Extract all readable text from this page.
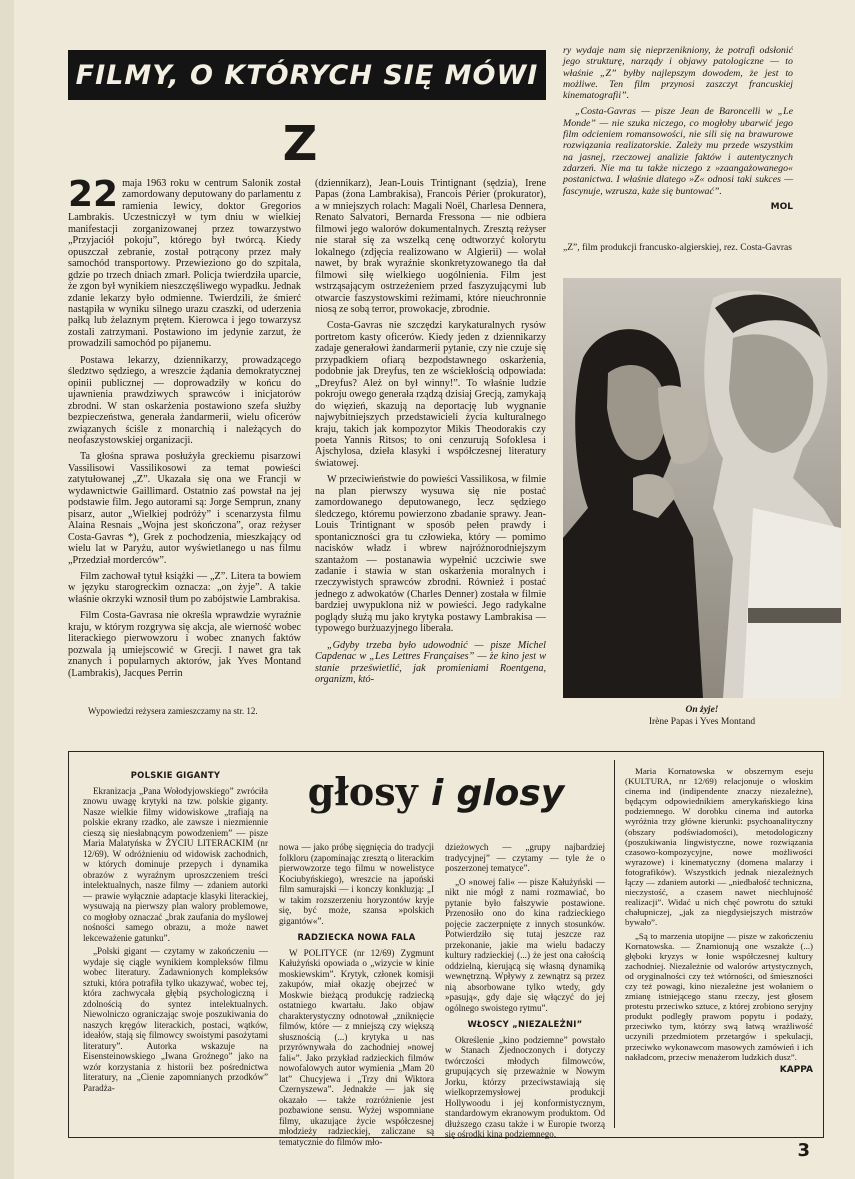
FILMY, O KTÓRYCH SIĘ MÓWI
Z

22 maja 1963 roku w centrum Salonik został zamordowany deputowany do parlamentu z ramienia lewicy, doktor Gregorios Lambrakis. Uczestniczył w tym dniu w wielkiej manifestacji zorganizowanej przez towarzystwo „Przyjaciół pokoju”, którego był twórcą. Kiedy opuszczał zebranie, został potrącony przez mały samochód transportowy. Przewieziono go do szpitala, gdzie po trzech dniach zmarł. Policja twierdziła uparcie, że zgon był wynikiem nieszczęśliwego wypadku. Jednak zdanie lekarzy było odmienne. Twierdzili, że śmierć nastąpiła w wyniku silnego urazu czaszki, od uderzenia pałką lub żelaznym prętem. Kierowca i jego towarzysz zostali zatrzymani. Postawiono im jedynie zarzut, że prowadzili samochód po pijanemu.

Postawa lekarzy, dziennikarzy, prowadzącego śledztwo sędziego, a wreszcie żądania demokratycznej opinii publicznej — doprowadziły w końcu do ujawnienia prawdziwych sprawców i inicjatorów zbrodni. W stan oskarżenia postawiono szefa służby bezpieczeństwa, generała żandarmerii, wielu oficerów związanych ściśle z monarchią i należących do neofaszystowskiej organizacji.

Ta głośna sprawa posłużyła greckiemu pisarzowi Vassilisowi Vassilikosowi za temat powieści zatytułowanej „Z”. Ukazała się ona we Francji w wydawnictwie Gaillimard. Ostatnio zaś powstał na jej podstawie film. Jego autorami są: Jorge Semprun, znany pisarz, autor „Wielkiej podróży” i scenarzysta filmu Alaina Resnais „Wojna jest skończona”, oraz reżyser Costa-Gavras *), Grek z pochodzenia, mieszkający od wielu lat w Paryżu, autor wyświetlanego u nas filmu „Przedział morderców”.

Film zachował tytuł książki — „Z”. Litera ta bowiem w języku starogreckim oznacza: „on żyje”. A takie właśnie okrzyki wznosił tłum po zabójstwie Lambrakisa.

Film Costa-Gavrasa nie określa wprawdzie wyraźnie kraju, w którym rozgrywa się akcja, ale wierność wobec literackiego pierwowzoru i wobec znanych faktów pozwala ją umiejscowić w Grecji. I nawet gra tak znanych i popularnych aktorów, jak Yves Montand (Lambrakis), Jacques Perrin

Wypowiedzi reżysera zamieszczamy na str. 12.

(dziennikarz), Jean-Louis Trintignant (sędzia), Irene Papas (żona Lambrakisa), Francois Périer (prokurator), a w mniejszych rolach: Magali Noël, Charlesa Dennera, Renato Salvatori, Bernarda Fressona — nie odbiera filmowi jego walorów dokumentalnych. Zresztą reżyser nie starał się za wszelką cenę odtworzyć kolorytu lokalnego (zdjęcia realizowano w Algierii) — wolał nawet, by brak wyraźnie skonkretyzowanego tła dał filmowi siłę wielkiego uogólnienia. Film jest wstrząsającym ostrzeżeniem przed faszyzującymi lub otwarcie faszystowskimi reżimami, które nieuchronnie niosą ze sobą terror, prowokacje, zbrodnie.

Costa-Gavras nie szczędzi karykaturalnych rysów portretom kasty oficerów. Kiedy jeden z dziennikarzy zadaje generałowi żandarmerii pytanie, czy nie czuje się przypadkiem ofiarą bezpodstawnego oskarżenia, podobnie jak Dreyfus, ten ze wściekłością odpowiada: „Dreyfus? Ależ on był winny!”. To właśnie ludzie pokroju owego generała rządzą dzisiaj Grecją, zamykają do więzień, skazują na deportację lub wygnanie najwybitniejszych przedstawicieli życia kulturalnego kraju, takich jak kompozytor Mikis Theodorakis czy poeta Yannis Ritsos; to oni cenzurują Sofoklesa i Ajschylosa, dzieła klasyki i współczesnej literatury światowej.

W przeciwieństwie do powieści Vassilikosa, w filmie na plan pierwszy wysuwa się nie postać zamordowanego deputowanego, lecz sędziego śledczego, któremu powierzono zbadanie sprawy. Jean-Louis Trintignant w sposób pełen prawdy i spontaniczności gra tu człowieka, który — pomimo nacisków władz i wbrew najróżnorodniejszym szantażom — postanawia wypełnić uczciwie swe zadanie i stawia w stan oskarżenia moralnych i rzeczywistych sprawców zbrodni. Również i postać jednego z adwokatów (Charles Denner) została w filmie bardziej uwypuklona niż w powieści. Jego radykalne poglądy służą mu jako krytyka postawy Lambrakisa — typowego burżuazyjnego liberała.

„Gdyby trzeba było udowodnić — pisze Michel Capdenac w „Les Lettres Françaises” — że kino jest w stanie prześwietlić, jak promieniami Roentgena, organizm, któ-

ry wydaje nam się nieprzenikniony, że potrafi odsłonić jego strukturę, narządy i objawy patologiczne — to właśnie „Z” byłby najlepszym dowodem, że jest to możliwe. Ten film przynosi zaszczyt francuskiej kinematografii”.

„Costa-Gavras — pisze Jean de Baroncelli w „Le Monde” — nie szuka niczego, co mogłoby ubarwić jego film odcieniem romansowości, nie sili się na brawurowe rozwiązania realizatorskie. Zależy mu przede wszystkim na jasnej, rzeczowej analizie faktów i autentycznych zdarzeń. Nie ma tu także niczego z »zaangażowanego« postanictwa. I właśnie dlatego »Z« odnosi taki sukces — fascynuje, wzrusza, każe się buntować”.

MOL

„Z”, film produkcji francusko-algierskiej, rez. Costa-Gavras
On żyje!
Irène Papas i Yves Montand
głosy i glosy

POLSKIE GIGANTY

Ekranizacja „Pana Wołodyjowskiego” zwróciła znowu uwagę krytyki na tzw. polskie giganty. Nasze wielkie filmy widowiskowe „trafiają na polskie ekrany rzadko, ale zawsze i niezmiennie cieszą się niesłabnącym powodzeniem” — pisze Maria Malatyńska w ŻYCIU LITERACKIM (nr 12/69). W odróżnieniu od widowisk zachodnich, w których dominuje przepych i dynamika obrazów z wyraźnym uproszczeniem treści intelektualnych, nasze filmy — zdaniem autorki — prawie wyłącznie adaptacje klasyki literackiej, wysuwają na pierwszy plan walory problemowe, co mogłoby oznaczać „brak zaufania do myślowej nośności samego obrazu, a może nawet lekceważenie gatunku”.

„Polski gigant — czytamy w zakończeniu — wydaje się ciągle wynikiem kompleksów filmu wobec literatury. Zadawnionych kompleksów sztuki, która potrafiła tylko ukazywać, wobec tej, która zachwycała głębią psychologiczną i zdolnością do syntez intelektualnych. Niewolniczo ograniczając swoje poszukiwania do naszych kręgów literackich, postaci, wątków, ideałów, stają się filmowcy swoistymi pasożytami literatury”. Autorka wskazuje na Eisensteinowskiego „Iwana Groźnego” jako na wzór korzystania z historii bez pośrednictwa literatury, na „Cienie zapomnianych przodków” Paradża-

nowa — jako próbę sięgnięcia do tradycji folkloru (zapominając zresztą o literackim pierwowzorze tego filmu w nowelistyce Kociubyńskiego), wreszcie na japoński film samurajski — i konczy konkluzją: „I w takim rozszerzeniu horyzontów kryje się, być może, szansa »polskich gigantów«”.

RADZIECKA NOWA FALA

W POLITYCE (nr 12/69) Zygmunt Kałużyński opowiada o „wizycie w kinie moskiewskim”. Krytyk, członek komisji zakupów, miał okazję obejrzeć w Moskwie bieżącą produkcję radziecką ostatniego kwartału. Jako objaw charakterystyczny odnotował „zniknięcie filmów, które — z mniejszą czy większą słusznością (...) krytyka u nas przyrównywała do zachodniej »nowej fali«”. Jako przykład radzieckich filmów nowofalowych autor wymienia „Mam 20 lat” Chucyjewa i „Trzy dni Wiktora Czernyszewa”. Jednakże — jak się okazało — także rozróżnienie jest pozbawione sensu. Wyżej wspomniane filmy, ukazujące życie współczesnej młodzieży radzieckiej, zaliczane są tematycznie do filmów mło-

dzieżowych — „grupy najbardziej tradycyjnej” — czytamy — tyle że o poszerzonej tematyce”.

„O »nowej fali« — pisze Kałużyński — nikt nie mógł z nami rozmawiać, bo pytanie było fałszywie postawione. Przenosiło ono do kina radzieckiego pojęcie zaczerpnięte z innych stosunków. Potwierdziło się tutaj jeszcze raz przekonanie, jakie ma wielu badaczy kultury radzieckiej (...) że jest ona całością oddzielną, kierującą się własną dynamiką wewnętrzną. Wpływy z zewnątrz są przez nią absorbowane tylko wtedy, gdy »pasują«, gdy daje się włączyć do jej ogólnego swoistego rytmu”.

WŁOSCY „NIEZALEŻNI”

Określenie „kino podziemne” powstało w Stanach Zjednoczonych i dotyczy twórczości młodych filmowców, grupujących się przeważnie w Nowym Jorku, którzy przeciwstawiają się wielkoprzemysłowej produkcji Hollywoodu i jej konformistycznym, standardowym ekranowym produktom. Od dłuższego czasu także i w Europie tworzą się ośrodki kina podziemnego.

Maria Kornatowska w obszernym eseju (KULTURA, nr 12/69) relacjonuje o włoskim cinema ind (indipendente znaczy niezależne), będącym odpowiednikiem amerykańskiego kina podziemnego. W dorobku cinema ind autorka wyróżnia trzy główne kierunki: psychoanalityczny (obszary podświadomości), metodologiczny (poszukiwania lingwistyczne, nowe rozwiązania czasowo-kompozycyjne, nowe możliwości wyrazowe) i kinematyczny (domena malarzy i fotografików). Wszystkich jednak niezależnych łączy — zdaniem autorki — „niedbałość techniczna, nieczystość, a czasem nawet niechlujność realizacji”. Widać u nich chęć powrotu do sztuki chałupniczej, „jak za niegdysiejszych mistrzów bywało”.

„Są to marzenia utopijne — pisze w zakończeniu Kornatowska. — Znamionują one wszakże (...) głęboki kryzys w łonie współczesnej kultury zachodniej. Niezależnie od walorów artystycznych, od oryginalności czy też wtórności, od śmieszności czy też powagi, kino niezależne jest wołaniem o zmianę istniejącego stanu rzeczy, jest głosem protestu przeciwko sztuce, z której zrobiono seryjny produkt podległy prawom popytu i podaży, przeciwko tym, którzy swą łatwą wrażliwość uczynili przedmiotem przetargów i spekulacji, przeciwko wykonawcom masowych zamówień i ich nakładcom, przeciw menażerom ludzkich dusz”.

KAPPA

3
